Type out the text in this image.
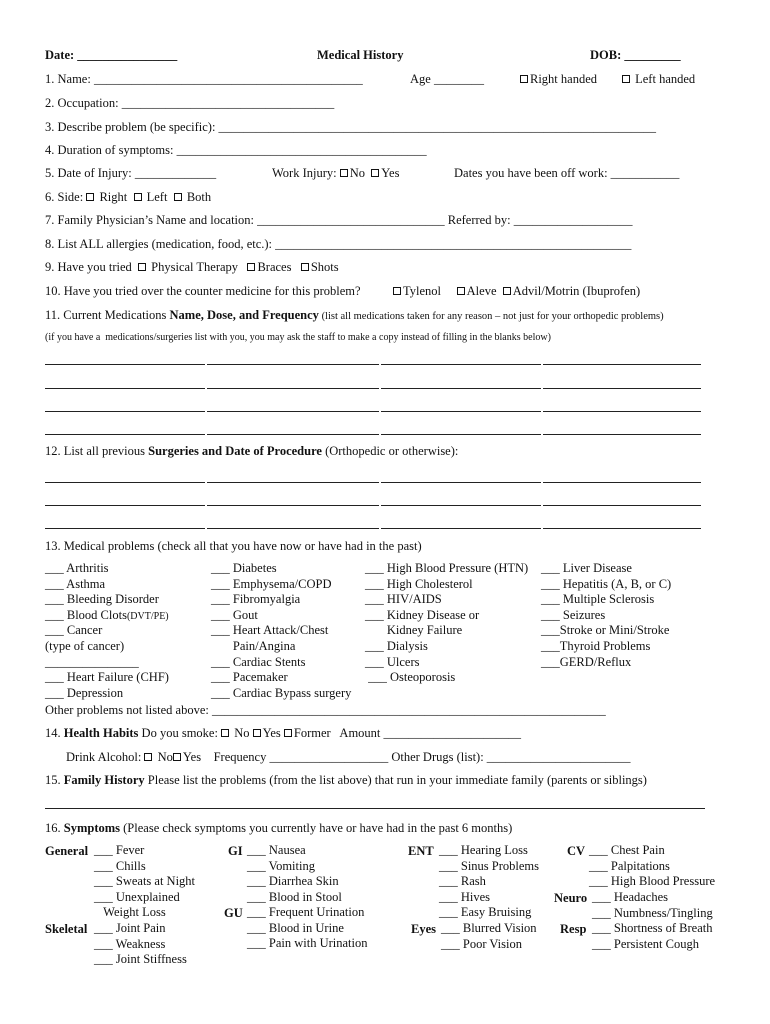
Date: ________________	Medical History	DOB: _________
1. Name: ___________________________________________	Age ________	Right handed	Left handed
2. Occupation: __________________________________
3. Describe problem (be specific): ______________________________________________________________________
4. Duration of symptoms: ________________________________________
5. Date of Injury: _____________	Work Injury: No Yes	Dates you have been off work: ___________
6. Side: Right Left Both
7. Family Physician’s Name and location: ______________________________ Referred by: ___________________
8. List ALL allergies (medication, food, etc.): _________________________________________________________
9. Have you tried Physical Therapy Braces Shots
10. Have you tried over the counter medicine for this problem?	Tylenol Aleve Advil/Motrin (Ibuprofen)
11. Current Medications Name, Dose, and Frequency (list all medications taken for any reason – not just for your orthopedic problems)
(if you have a  medications/surgeries list with you, you may ask the staff to make a copy instead of filling in the blanks below)
12. List all previous Surgeries and Date of Procedure (Orthopedic or otherwise):
13. Medical problems (check all that you have now or have had in the past)
___ Arthritis
___ Asthma
___ Bleeding Disorder
___ Blood Clots(DVT/PE)
___ Cancer
(type of cancer)
_______________
___ Heart Failure (CHF)
___ Depression
___ Diabetes
___ Emphysema/COPD
___ Fibromyalgia
___ Gout
___ Heart Attack/Chest
Pain/Angina
___ Cardiac Stents
___ Pacemaker
___ Cardiac Bypass surgery
___ High Blood Pressure (HTN)
___ High Cholesterol
___ HIV/AIDS
___ Kidney Disease or
Kidney Failure
___ Dialysis
___ Ulcers
___ Osteoporosis
___ Liver Disease
___ Hepatitis (A, B, or C)
___ Multiple Sclerosis
___ Seizures
___Stroke or Mini/Stroke
___Thyroid Problems
___GERD/Reflux
Other problems not listed above: _______________________________________________________________
14. Health Habits Do you smoke: No Yes Former Amount ______________________
Drink Alcohol: No Yes Frequency ___________________ Other Drugs (list): _______________________
15. Family History Please list the problems (from the list above) that run in your immediate family (parents or siblings)
16. Symptoms (Please check symptoms you currently have or have had in the past 6 months)
General ___ Fever
___ Chills
___ Sweats at Night
___ Unexplained
Weight Loss
Skeletal ___ Joint Pain
___ Weakness
___ Joint Stiffness
GI ___ Nausea
___ Vomiting
___ Diarrhea Skin
___ Blood in Stool
GU ___ Frequent Urination
___ Blood in Urine
___ Pain with Urination
ENT ___ Hearing Loss
___ Sinus Problems
___ Rash
___ Hives
___ Easy Bruising
Eyes ___ Blurred Vision
___ Poor Vision
CV ___ Chest Pain
___ Palpitations
___ High Blood Pressure
Neuro ___ Headaches
___ Numbness/Tingling
Resp ___ Shortness of Breath
___ Persistent Cough
